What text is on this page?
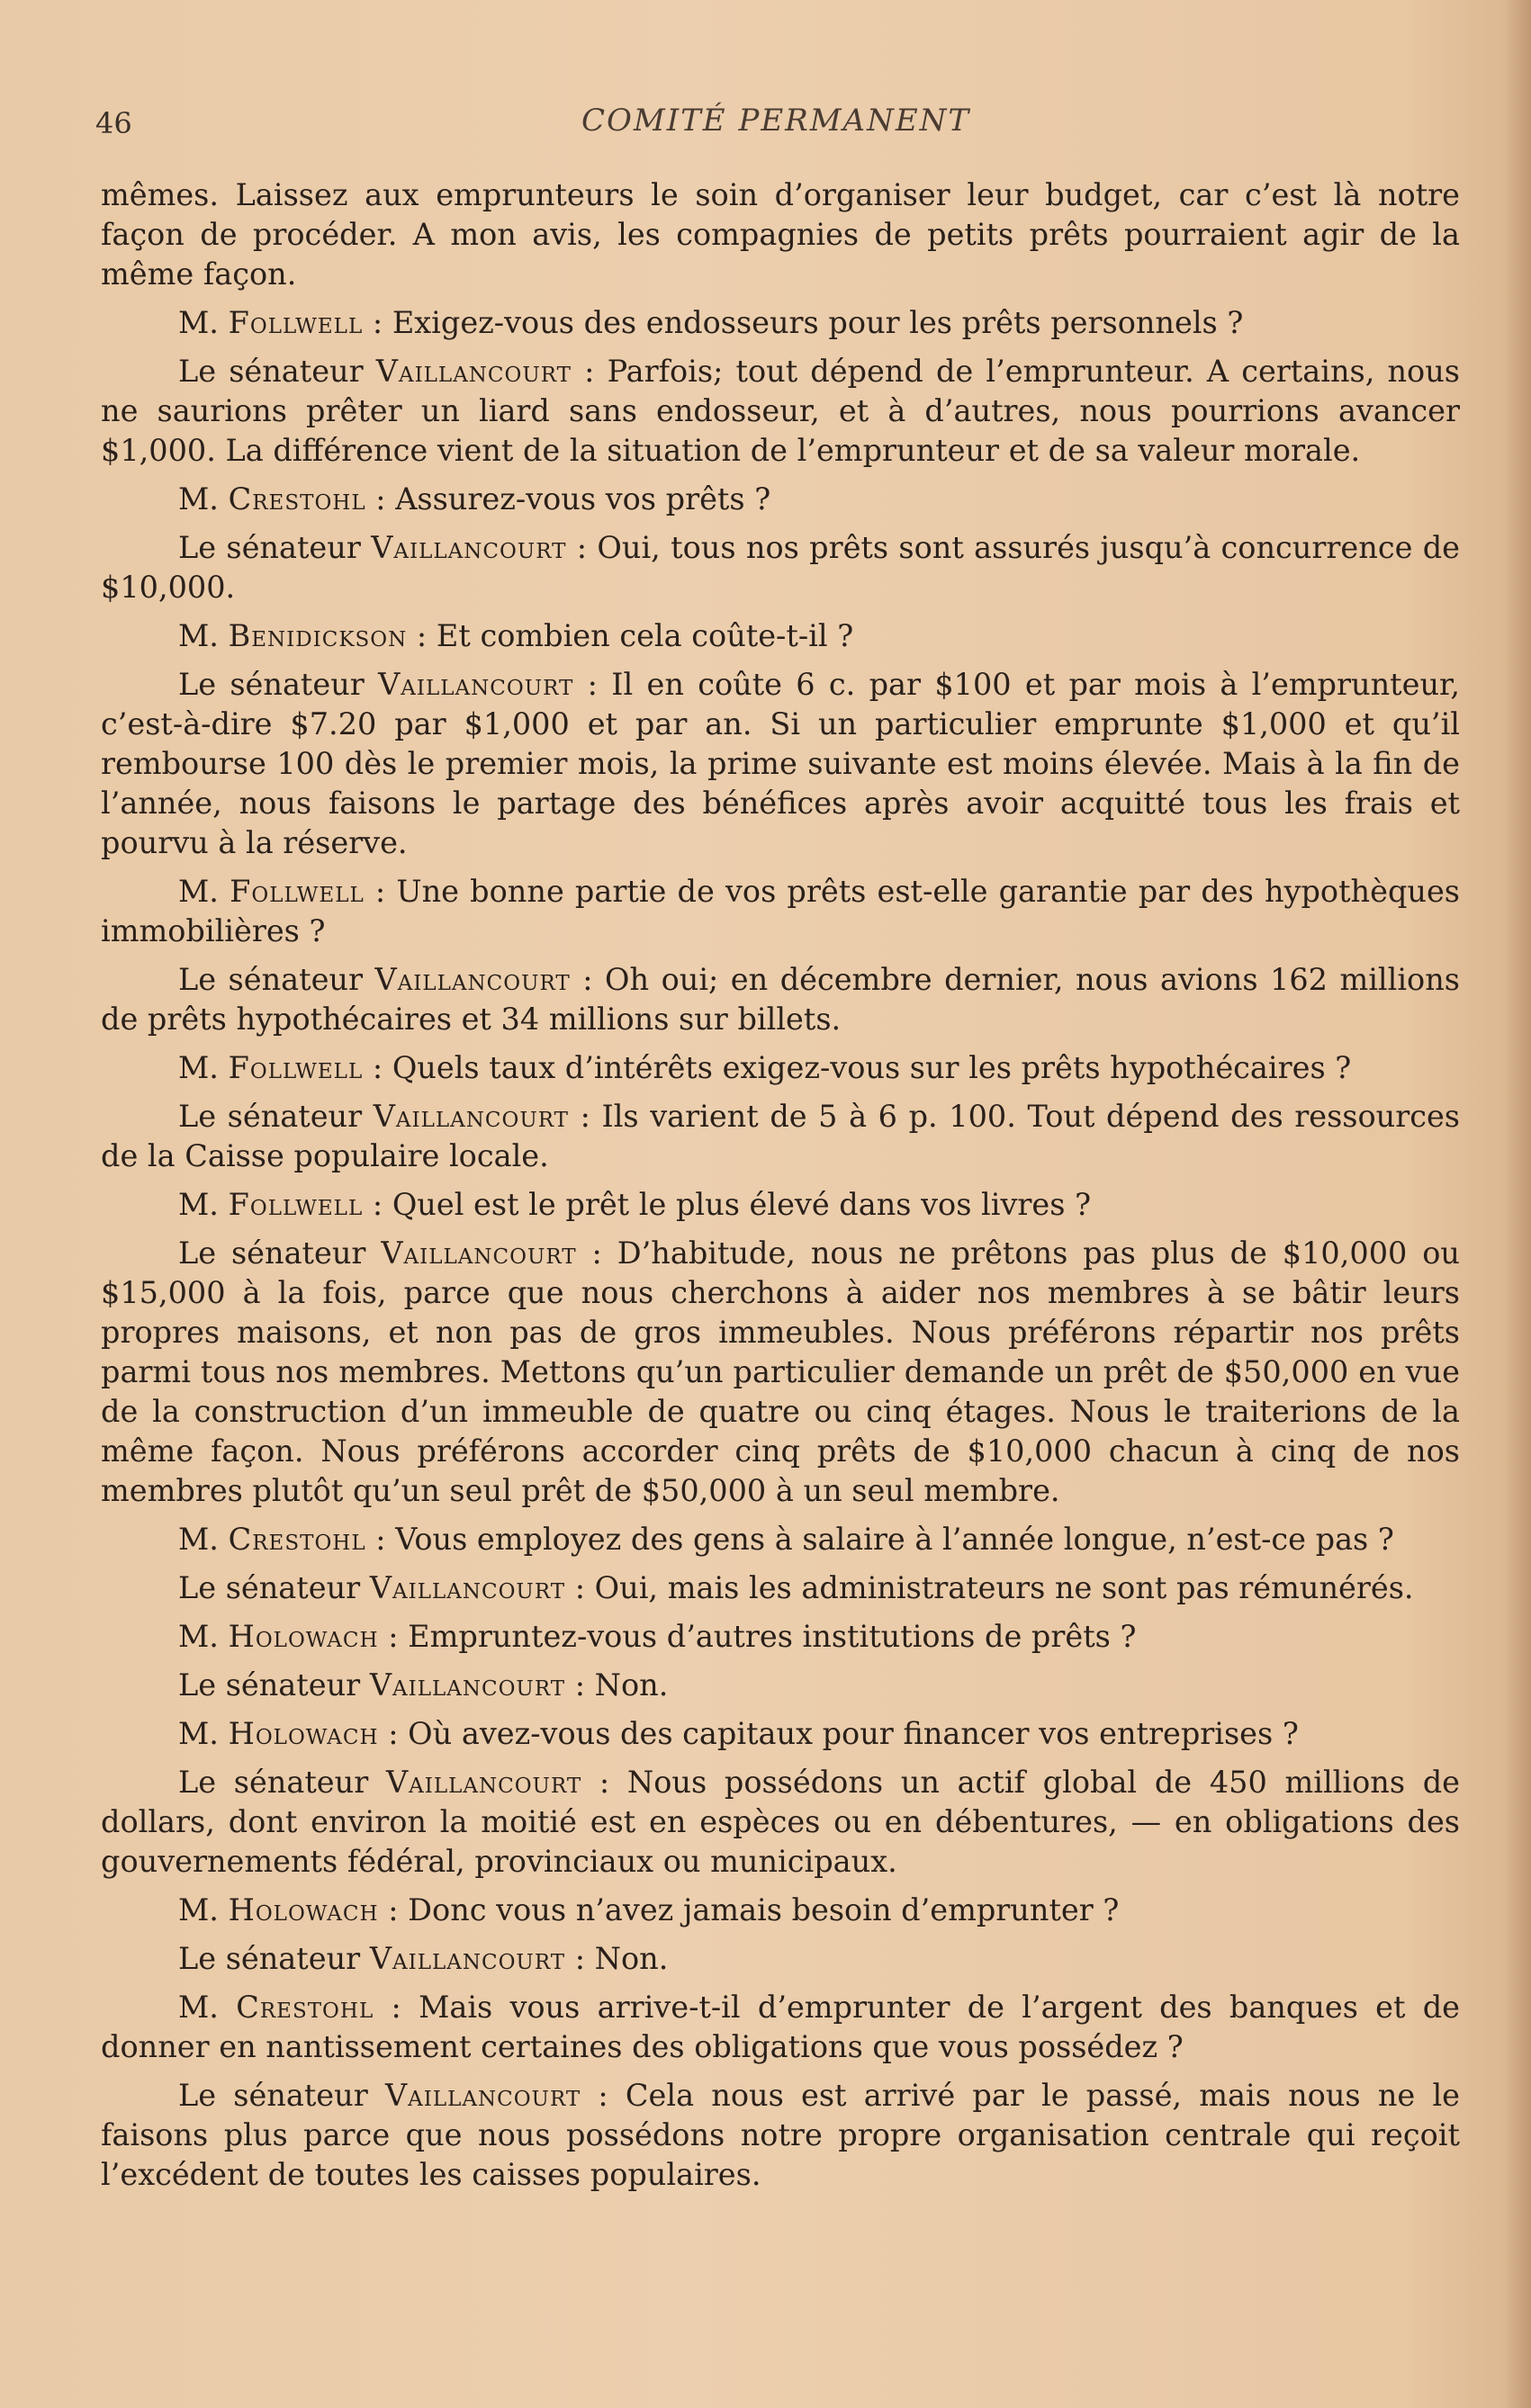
46	COMITÉ PERMANENT

mêmes. Laissez aux emprunteurs le soin d’organiser leur budget, car c’est là notre façon de procéder. A mon avis, les compagnies de petits prêts pourraient agir de la même façon.

M. Follwell : Exigez-vous des endosseurs pour les prêts personnels ?

Le sénateur Vaillancourt : Parfois; tout dépend de l’emprunteur. A certains, nous ne saurions prêter un liard sans endosseur, et à d’autres, nous pourrions avancer $1,000. La différence vient de la situation de l’emprunteur et de sa valeur morale.

M. Crestohl : Assurez-vous vos prêts ?

Le sénateur Vaillancourt : Oui, tous nos prêts sont assurés jusqu’à concurrence de $10,000.

M. Benidickson : Et combien cela coûte-t-il ?

Le sénateur Vaillancourt : Il en coûte 6 c. par $100 et par mois à l’emprunteur, c’est-à-dire $7.20 par $1,000 et par an. Si un particulier emprunte $1,000 et qu’il rembourse 100 dès le premier mois, la prime suivante est moins élevée. Mais à la fin de l’année, nous faisons le partage des bénéfices après avoir acquitté tous les frais et pourvu à la réserve.

M. Follwell : Une bonne partie de vos prêts est-elle garantie par des hypothèques immobilières ?

Le sénateur Vaillancourt : Oh oui; en décembre dernier, nous avions 162 millions de prêts hypothécaires et 34 millions sur billets.

M. Follwell : Quels taux d’intérêts exigez-vous sur les prêts hypothécaires ?

Le sénateur Vaillancourt : Ils varient de 5 à 6 p. 100. Tout dépend des ressources de la Caisse populaire locale.

M. Follwell : Quel est le prêt le plus élevé dans vos livres ?

Le sénateur Vaillancourt : D’habitude, nous ne prêtons pas plus de $10,000 ou $15,000 à la fois, parce que nous cherchons à aider nos membres à se bâtir leurs propres maisons, et non pas de gros immeubles. Nous préférons répartir nos prêts parmi tous nos membres. Mettons qu’un particulier demande un prêt de $50,000 en vue de la construction d’un immeuble de quatre ou cinq étages. Nous le traiterions de la même façon. Nous préférons accorder cinq prêts de $10,000 chacun à cinq de nos membres plutôt qu’un seul prêt de $50,000 à un seul membre.

M. Crestohl : Vous employez des gens à salaire à l’année longue, n’est-ce pas ?

Le sénateur Vaillancourt : Oui, mais les administrateurs ne sont pas rémunérés.

M. Holowach : Empruntez-vous d’autres institutions de prêts ?

Le sénateur Vaillancourt : Non.

M. Holowach : Où avez-vous des capitaux pour financer vos entreprises ?

Le sénateur Vaillancourt : Nous possédons un actif global de 450 millions de dollars, dont environ la moitié est en espèces ou en débentures, — en obligations des gouvernements fédéral, provinciaux ou municipaux.

M. Holowach : Donc vous n’avez jamais besoin d’emprunter ?

Le sénateur Vaillancourt : Non.

M. Crestohl : Mais vous arrive-t-il d’emprunter de l’argent des banques et de donner en nantissement certaines des obligations que vous possédez ?

Le sénateur Vaillancourt : Cela nous est arrivé par le passé, mais nous ne le faisons plus parce que nous possédons notre propre organisation centrale qui reçoit l’excédent de toutes les caisses populaires.
